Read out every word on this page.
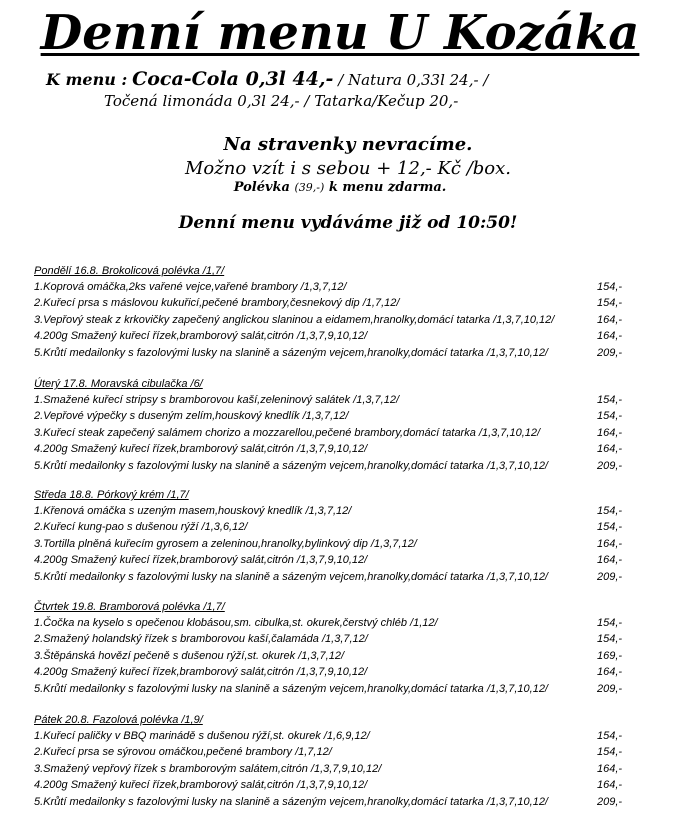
Denní menu U Kozáka
K menu : Coca-Cola 0,3l 44,- / Natura 0,33l 24,- /
Točená limonáda 0,3l 24,- / Tatarka/Kečup 20,-
Na stravenky nevracíme.
Možno vzít i s sebou + 12,- Kč /box.
Polévka (39,-) k menu zdarma.
Denní menu vydáváme již od 10:50!
Pondělí 16.8. Brokolicová polévka /1,7/
1.Koprová omáčka,2ks vařené vejce,vařené brambory /1,3,7,12/	154,-
2.Kuřecí prsa s máslovou kukuřicí,pečené brambory,česnekový dip /1,7,12/	154,-
3.Vepřový steak z krkovičky zapečený anglickou slaninou a eidamem,hranolky,domácí tatarka /1,3,7,10,12/	164,-
4.200g Smažený kuřecí řízek,bramborový salát,citrón /1,3,7,9,10,12/	164,-
5.Krůtí medailonky s fazolovými lusky na slanině a sázeným vejcem,hranolky,domácí tatarka /1,3,7,10,12/	209,-
Úterý 17.8. Moravská cibulačka /6/
1.Smažené kuřecí stripsy s bramborovou kaší,zeleninový salátek /1,3,7,12/	154,-
2.Vepřové výpečky s duseným zelím,houskový knedlík /1,3,7,12/	154,-
3.Kuřecí steak zapečený salámem chorizo a mozzarellou,pečené brambory,domácí tatarka /1,3,7,10,12/	164,-
4.200g Smažený kuřecí řízek,bramborový salát,citrón /1,3,7,9,10,12/	164,-
5.Krůtí medailonky s fazolovými lusky na slanině a sázeným vejcem,hranolky,domácí tatarka /1,3,7,10,12/	209,-
Středa 18.8. Pórkový krém /1,7/
1.Křenová omáčka s uzeným masem,houskový knedlík /1,3,7,12/	154,-
2.Kuřecí kung-pao s dušenou rýží /1,3,6,12/	154,-
3.Tortilla plněná kuřecím gyrosem a zeleninou,hranolky,bylinkový dip /1,3,7,12/	164,-
4.200g Smažený kuřecí řízek,bramborový salát,citrón /1,3,7,9,10,12/	164,-
5.Krůtí medailonky s fazolovými lusky na slanině a sázeným vejcem,hranolky,domácí tatarka /1,3,7,10,12/	209,-
Čtvrtek 19.8. Bramborová polévka /1,7/
1.Čočka na kyselo s opečenou klobásou,sm. cibulka,st. okurek,čerstvý chléb /1,12/	154,-
2.Smažený holandský řízek s bramborovou kaší,čalamáda /1,3,7,12/	154,-
3.Štěpánská hovězí pečeně s dušenou rýží,st. okurek /1,3,7,12/	169,-
4.200g Smažený kuřecí řízek,bramborový salát,citrón /1,3,7,9,10,12/	164,-
5.Krůtí medailonky s fazolovými lusky na slanině a sázeným vejcem,hranolky,domácí tatarka /1,3,7,10,12/	209,-
Pátek 20.8. Fazolová polévka /1,9/
1.Kuřecí paličky v BBQ marinádě s dušenou rýží,st. okurek /1,6,9,12/	154,-
2.Kuřecí prsa se sýrovou omáčkou,pečené brambory /1,7,12/	154,-
3.Smažený vepřový řízek s bramborovým salátem,citrón /1,3,7,9,10,12/	164,-
4.200g Smažený kuřecí řízek,bramborový salát,citrón /1,3,7,9,10,12/	164,-
5.Krůtí medailonky s fazolovými lusky na slanině a sázeným vejcem,hranolky,domácí tatarka /1,3,7,10,12/	209,-
